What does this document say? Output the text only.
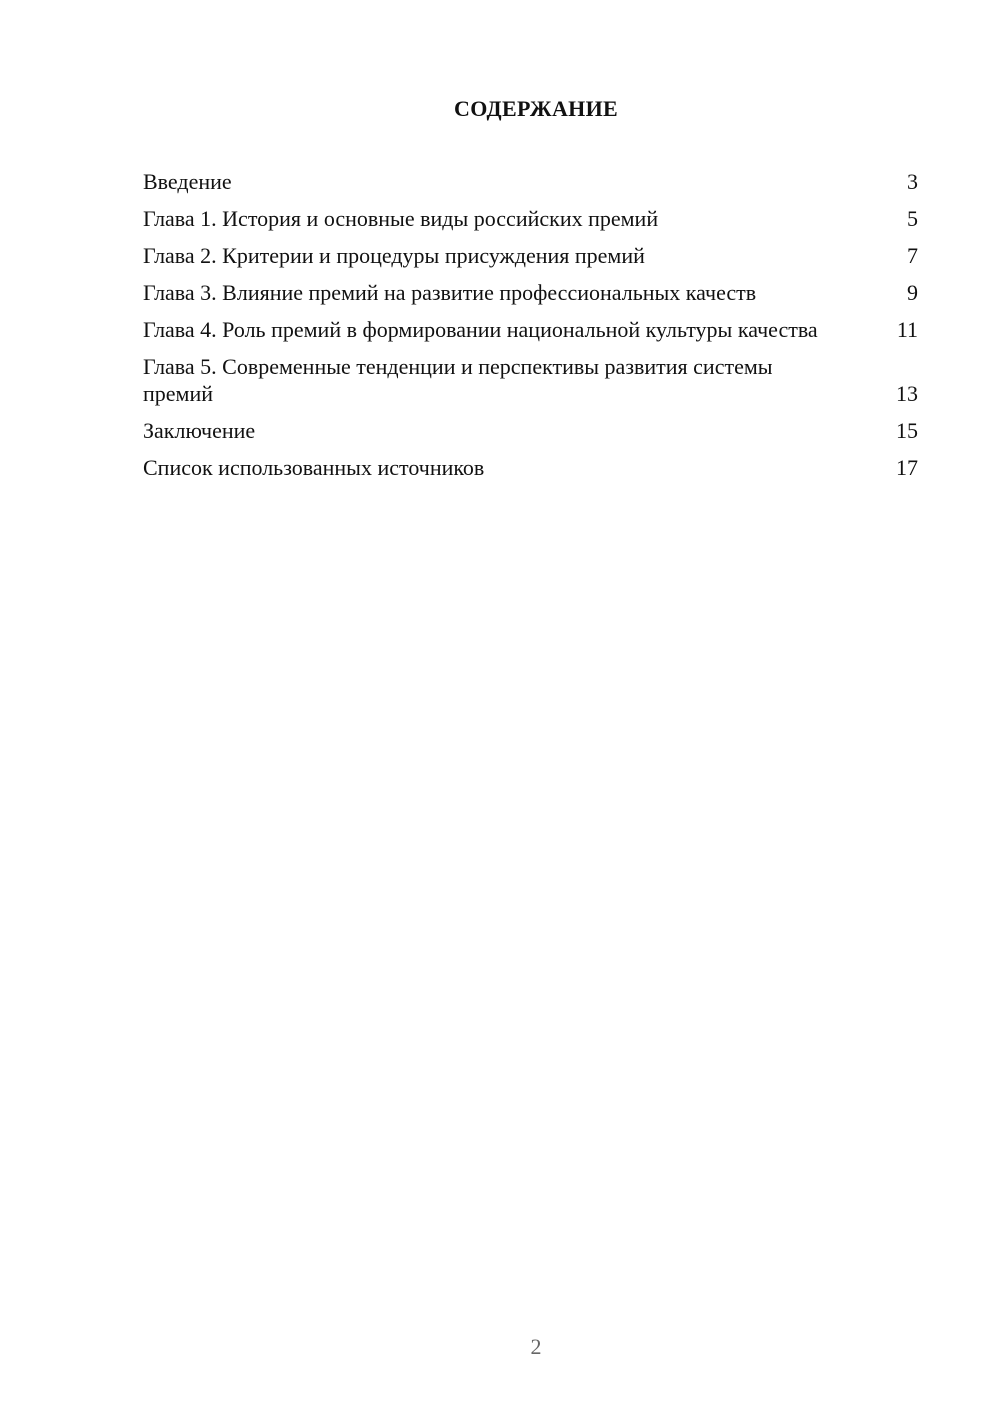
СОДЕРЖАНИЕ
Введение	3
Глава 1. История и основные виды российских премий	5
Глава 2. Критерии и процедуры присуждения премий	7
Глава 3. Влияние премий на развитие профессиональных качеств	9
Глава 4. Роль премий в формировании национальной культуры качества	11
Глава 5. Современные тенденции и перспективы развития системы премий	13
Заключение	15
Список использованных источников	17
2
